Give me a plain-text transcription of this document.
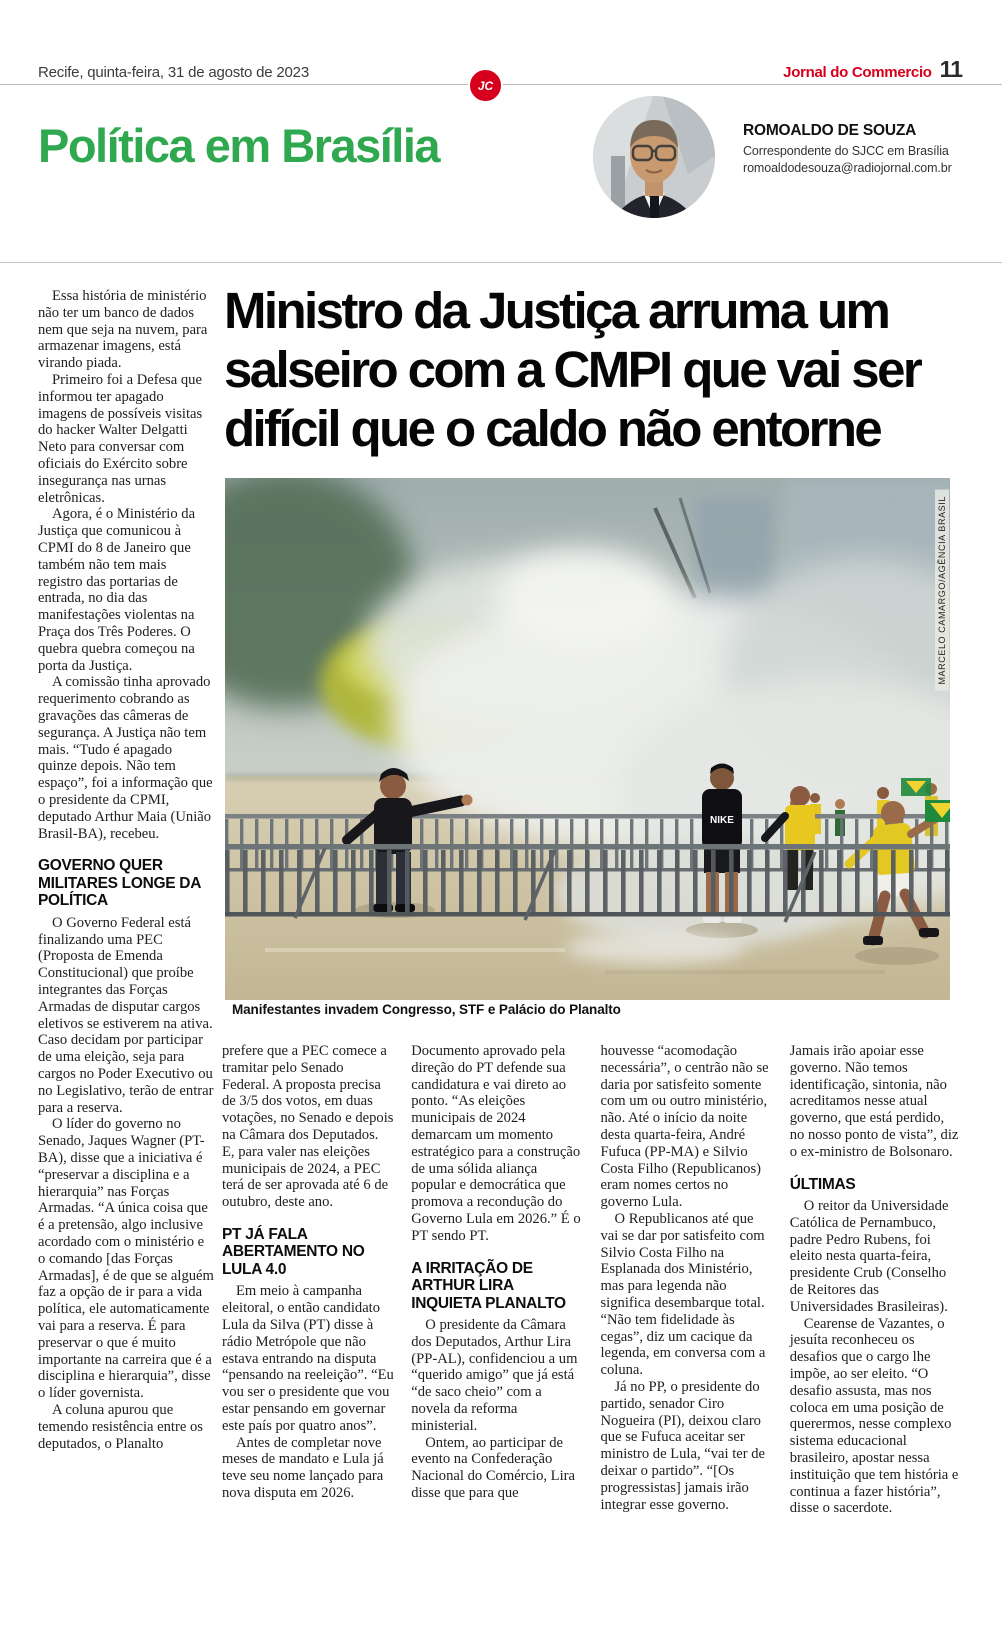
Recife, quinta-feira, 31 de agosto de 2023	Jornal do Commercio 11
JC
Política em Brasília	ROMOALDO DE SOUZA

Correspondente do SJCC em Brasília
romoaldodesouza@radiojornal.com.br

Essa história de ministério não ter um banco de dados nem que seja na nuvem, para armazenar imagens, está virando piada.

Primeiro foi a Defesa que informou ter apagado imagens de possíveis visitas do hacker Walter Delgatti Neto para conversar com oficiais do Exército sobre insegurança nas urnas eletrônicas.

Agora, é o Ministério da Justiça que comunicou à CPMI do 8 de Janeiro que também não tem mais registro das portarias de entrada, no dia das manifestações violentas na Praça dos Três Poderes. O quebra quebra começou na porta da Justiça.

A comissão tinha aprovado requerimento cobrando as gravações das câmeras de segurança. A Justiça não tem mais. “Tudo é apagado quinze depois. Não tem espaço”, foi a informação que o presidente da CPMI, deputado Arthur Maia (União Brasil-BA), recebeu.

GOVERNO QUER MILITARES LONGE DA POLÍTICA

O Governo Federal está finalizando uma PEC (Proposta de Emenda Constitucional) que proíbe integrantes das Forças Armadas de disputar cargos eletivos se estiverem na ativa. Caso decidam por participar de uma eleição, seja para cargos no Poder Executivo ou no Legislativo, terão de entrar para a reserva.

O líder do governo no Senado, Jaques Wagner (PT-BA), disse que a iniciativa é “preservar a disciplina e a hierarquia” nas Forças Armadas. “A única coisa que é a pretensão, algo inclusive acordado com o ministério e o comando [das Forças Armadas], é de que se alguém faz a opção de ir para a vida política, ele automaticamente vai para a reserva. É para preservar o que é muito importante na carreira que é a disciplina e hierarquia”, disse o líder governista.

A coluna apurou que temendo resistência entre os deputados, o Planalto

Ministro da Justiça arruma um
salseiro com a CMPI que vai ser
difícil que o caldo não entorne
NIKE
MARCELO CAMARGO/AGÊNCIA BRASIL
Manifestantes invadem Congresso, STF e Palácio do Planalto

prefere que a PEC comece a tramitar pelo Senado Federal. A proposta precisa de 3/5 dos votos, em duas votações, no Senado e depois na Câmara dos Deputados. E, para valer nas eleições municipais de 2024, a PEC terá de ser aprovada até 6 de outubro, deste ano.

PT JÁ FALA ABERTAMENTO NO LULA 4.0

Em meio à campanha eleitoral, o então candidato Lula da Silva (PT) disse à rádio Metrópole que não estava entrando na disputa “pensando na reeleição”. “Eu vou ser o presidente que vou estar pensando em governar este país por quatro anos”.

Antes de completar nove meses de mandato e Lula já teve seu nome lançado para nova disputa em 2026.

Documento aprovado pela direção do PT defende sua candidatura e vai direto ao ponto. “As eleições municipais de 2024 demarcam um momento estratégico para a construção de uma sólida aliança popular e democrática que promova a recondução do Governo Lula em 2026.” É o PT sendo PT.

A IRRITAÇÃO DE ARTHUR LIRA INQUIETA PLANALTO

O presidente da Câmara dos Deputados, Arthur Lira (PP-AL), confidenciou a um “querido amigo” que já está “de saco cheio” com a novela da reforma ministerial.

Ontem, ao participar de evento na Confederação Nacional do Comércio, Lira disse que para que

houvesse “acomodação necessária”, o centrão não se daria por satisfeito somente com um ou outro ministério, não. Até o início da noite desta quarta-feira, André Fufuca (PP-MA) e Silvio Costa Filho (Republicanos) eram nomes certos no governo Lula.

O Republicanos até que vai se dar por satisfeito com Silvio Costa Filho na Esplanada dos Ministério, mas para legenda não significa desembarque total. “Não tem fidelidade às cegas”, diz um cacique da legenda, em conversa com a coluna.

Já no PP, o presidente do partido, senador Ciro Nogueira (PI), deixou claro que se Fufuca aceitar ser ministro de Lula, “vai ter de deixar o partido”. “[Os progressistas] jamais irão integrar esse governo.

Jamais irão apoiar esse governo. Não temos identificação, sintonia, não acreditamos nesse atual governo, que está perdido, no nosso ponto de vista”, diz o ex-ministro de Bolsonaro.

ÚLTIMAS

O reitor da Universidade Católica de Pernambuco, padre Pedro Rubens, foi eleito nesta quarta-feira, presidente Crub (Conselho de Reitores das Universidades Brasileiras).

Cearense de Vazantes, o jesuíta reconheceu os desafios que o cargo lhe impõe, ao ser eleito. “O desafio assusta, mas nos coloca em uma posição de querermos, nesse complexo sistema educacional brasileiro, apostar nessa instituição que tem história e continua a fazer história”, disse o sacerdote.
